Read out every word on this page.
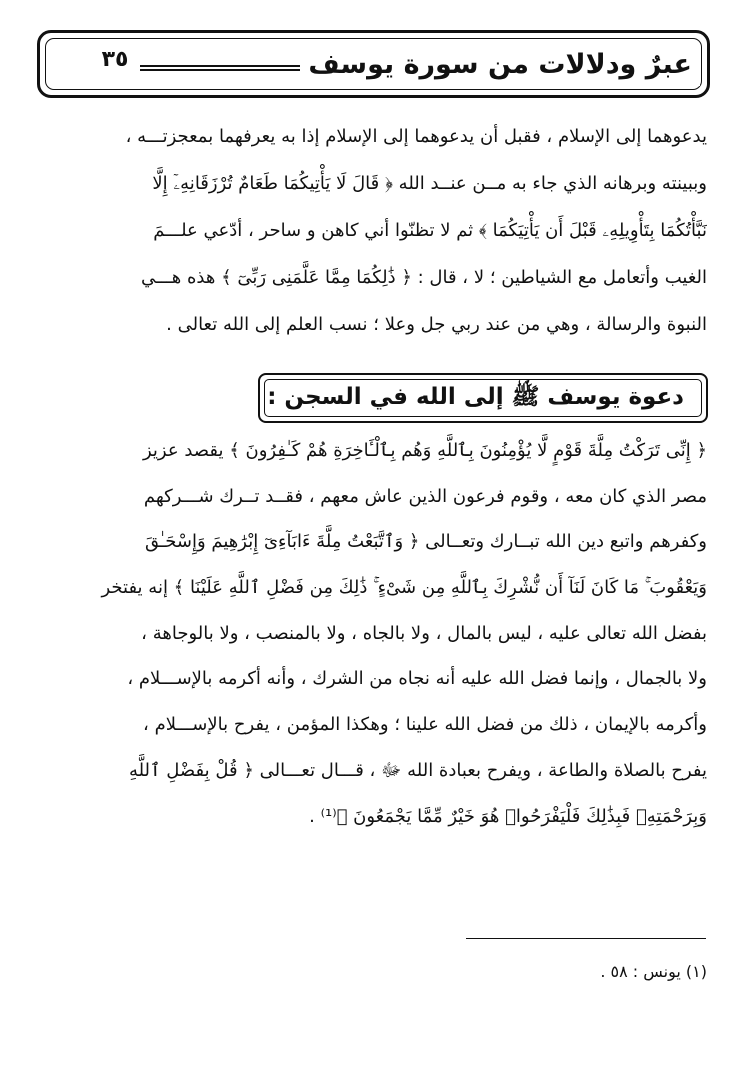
٣٥	عبرٌ ودلالات من سورة يوسف
يدعوهما إلى الإسلام ، فقبل أن يدعوهما إلى الإسلام إذا به يعرفهما بمعجزتـــه ،
وببينته وبرهانه الذي جاء به مــن عنــد الله ﴿ قَالَ لَا يَأْتِيكُمَا طَعَامٌ تُرْزَقَانِهِۦٓ إِلَّا
نَبَّأْتُكُمَا بِتَأْوِيلِهِۦ قَبْلَ أَن يَأْتِيَكُمَا ﴾ ثم لا تظنّوا أني كاهن و ساحر ، أدّعي علـــمَ
الغيب وأتعامل مع الشياطين ؛ لا ، قال : ﴿ ذَٰلِكُمَا مِمَّا عَلَّمَنِى رَبِّىٓ ﴾ هذه هـــي
النبوة والرسالة ، وهي من عند ربي جل وعلا ؛ نسب العلم إلى الله تعالى .
دعوة يوسف ﷺ إلى الله في السجن :
﴿ إِنِّى تَرَكْتُ مِلَّةَ قَوْمٍ لَّا يُؤْمِنُونَ بِٱللَّهِ وَهُم بِٱلْـَٔاخِرَةِ هُمْ كَـٰفِرُونَ ﴾ يقصد عزيز
مصر الذي كان معه ، وقوم فرعون الذين عاش معهم ، فقــد تــرك شـــركهم
وكفرهم واتبع دين الله تبــارك وتعــالى ﴿ وَٱتَّبَعْتُ مِلَّةَ ءَابَآءِىٓ إِبْرَٰهِيمَ وَإِسْحَـٰقَ
وَيَعْقُوبَ ۚ مَا كَانَ لَنَآ أَن نُّشْرِكَ بِٱللَّهِ مِن شَىْءٍ ۚ ذَٰلِكَ مِن فَضْلِ ٱللَّهِ عَلَيْنَا ﴾ إنه يفتخر
بفضل الله تعالى عليه ، ليس بالمال ، ولا بالجاه ، ولا بالمنصب ، ولا بالوجاهة ،
ولا بالجمال ، وإنما فضل الله عليه أنه نجاه من الشرك ، وأنه أكرمه بالإســـلام ،
وأكرمه بالإيمان ، ذلك من فضل الله علينا ؛ وهكذا المؤمن ، يفرح بالإســـلام ،
يفرح بالصلاة والطاعة ، ويفرح بعبادة الله ﷻ ، قـــال تعـــالى ﴿ قُلْ بِفَضْلِ ٱللَّهِ
وَبِرَحْمَتِهِۦ فَبِذَٰلِكَ فَلْيَفْرَحُوا۟ هُوَ خَيْرٌ مِّمَّا يَجْمَعُونَ ﴾⁽¹⁾ .
(١) يونس : ٥٨ .
